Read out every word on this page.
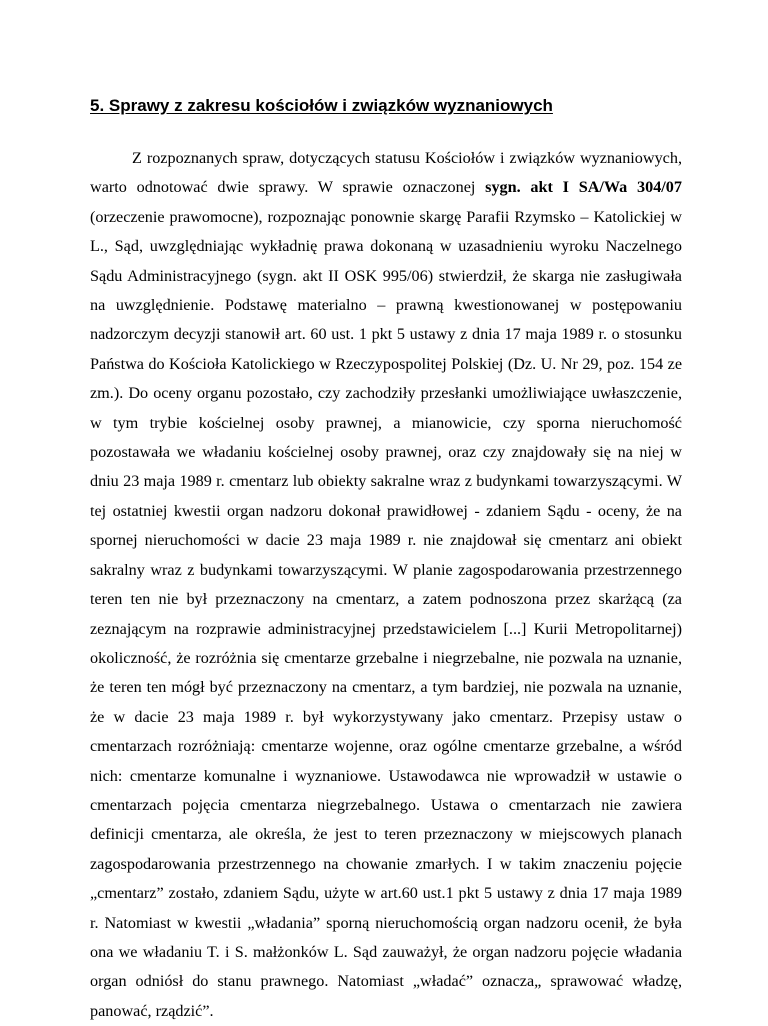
5. Sprawy z zakresu kościołów i związków wyznaniowych

Z rozpoznanych spraw, dotyczących statusu Kościołów i związków wyznaniowych, warto odnotować dwie sprawy. W sprawie oznaczonej sygn. akt I SA/Wa 304/07 (orzeczenie prawomocne), rozpoznając ponownie skargę Parafii Rzymsko – Katolickiej w L., Sąd, uwzględniając wykładnię prawa dokonaną w uzasadnieniu wyroku Naczelnego Sądu Administracyjnego (sygn. akt II OSK 995/06) stwierdził, że skarga nie zasługiwała na uwzględnienie. Podstawę materialno – prawną kwestionowanej w postępowaniu nadzorczym decyzji stanowił art. 60 ust. 1 pkt 5 ustawy z dnia 17 maja 1989 r. o stosunku Państwa do Kościoła Katolickiego w Rzeczypospolitej Polskiej (Dz. U. Nr 29, poz. 154 ze zm.). Do oceny organu pozostało, czy zachodziły przesłanki umożliwiające uwłaszczenie, w tym trybie kościelnej osoby prawnej, a mianowicie, czy sporna nieruchomość pozostawała we władaniu kościelnej osoby prawnej, oraz czy znajdowały się na niej w dniu 23 maja 1989 r. cmentarz lub obiekty sakralne wraz z budynkami towarzyszącymi. W tej ostatniej kwestii organ nadzoru dokonał prawidłowej - zdaniem Sądu - oceny, że na spornej nieruchomości w dacie 23 maja 1989 r. nie znajdował się cmentarz ani obiekt sakralny wraz z budynkami towarzyszącymi. W planie zagospodarowania przestrzennego teren ten nie był przeznaczony na cmentarz, a zatem podnoszona przez skarżącą (za zeznającym na rozprawie administracyjnej przedstawicielem [...] Kurii Metropolitarnej) okoliczność, że rozróżnia się cmentarze grzebalne i niegrzebalne, nie pozwala na uznanie, że teren ten mógł być przeznaczony na cmentarz, a tym bardziej, nie pozwala na uznanie, że w dacie 23 maja 1989 r. był wykorzystywany jako cmentarz. Przepisy ustaw o cmentarzach rozróżniają: cmentarze wojenne, oraz ogólne cmentarze grzebalne, a wśród nich: cmentarze komunalne i wyznaniowe. Ustawodawca nie wprowadził w ustawie o cmentarzach pojęcia cmentarza niegrzebalnego. Ustawa o cmentarzach nie zawiera definicji cmentarza, ale określa, że jest to teren przeznaczony w miejscowych planach zagospodarowania przestrzennego na chowanie zmarłych. I w takim znaczeniu pojęcie „cmentarz” zostało, zdaniem Sądu, użyte w art.60 ust.1 pkt 5 ustawy z dnia 17 maja 1989 r. Natomiast w kwestii „władania” sporną nieruchomością organ nadzoru ocenił, że była ona we władaniu T. i S. małżonków L. Sąd zauważył, że organ nadzoru pojęcie władania organ odniósł do stanu prawnego. Natomiast „władać” oznacza„ sprawować władzę, panować, rządzić”.
